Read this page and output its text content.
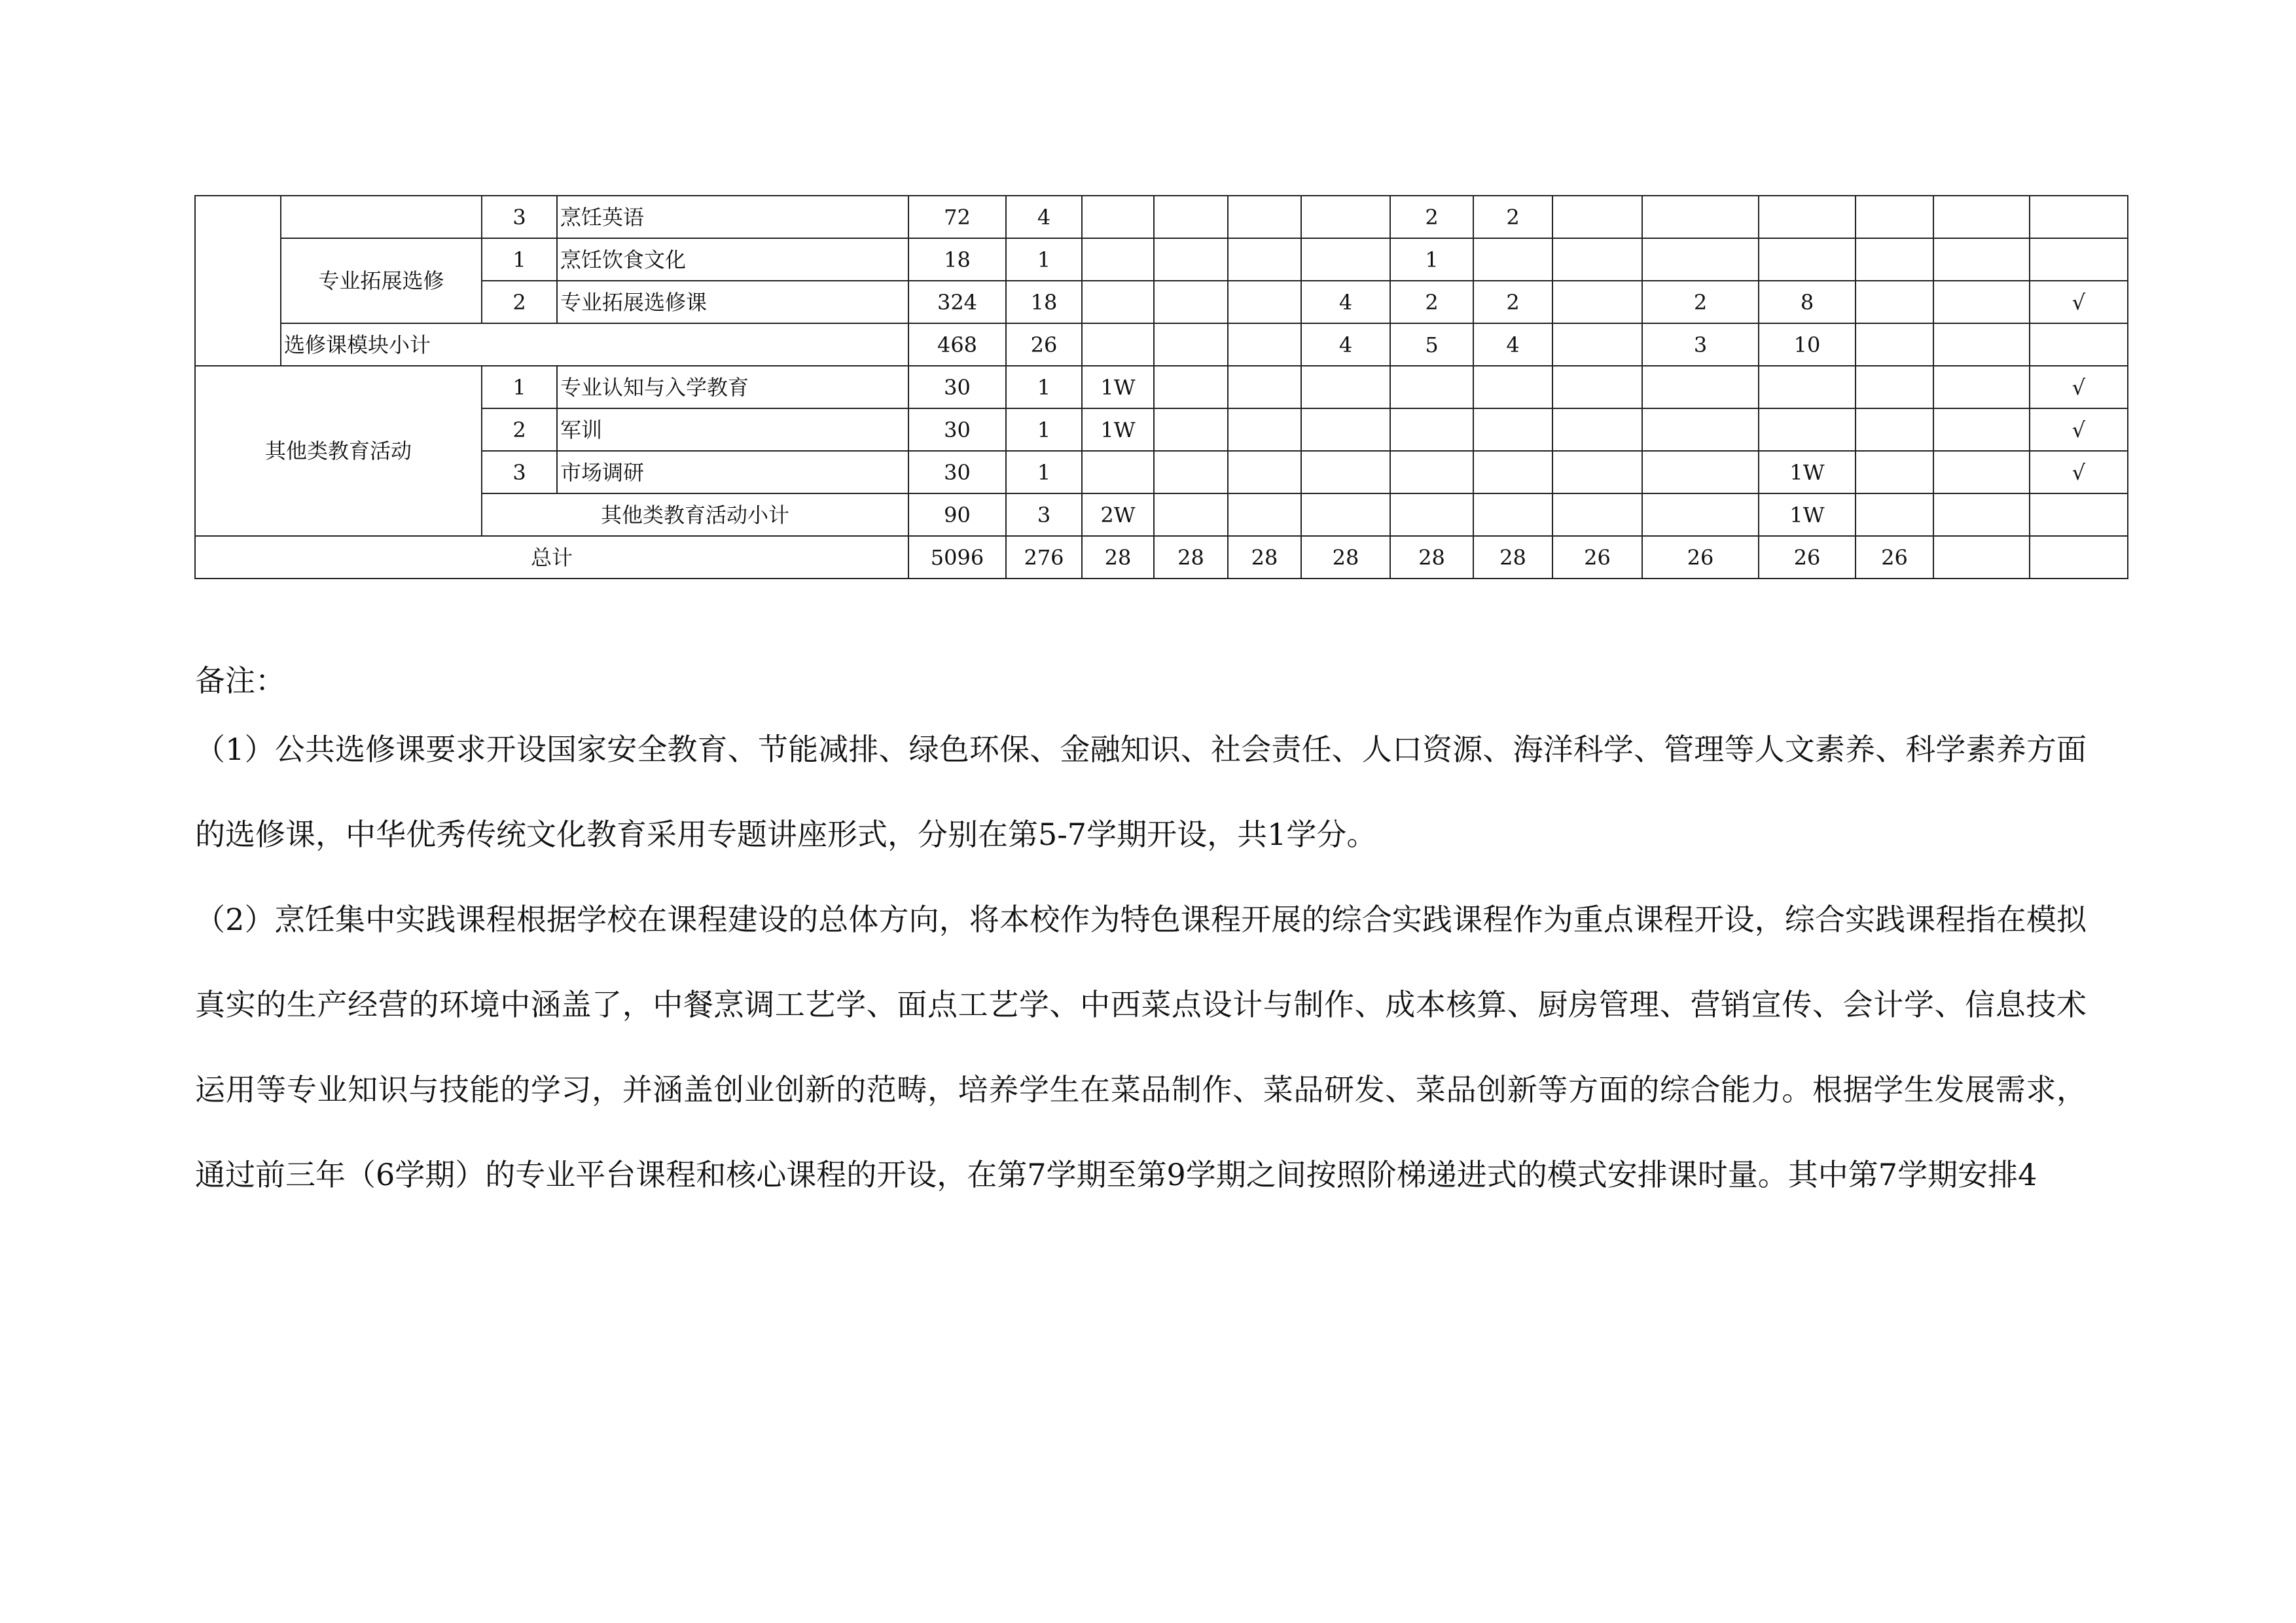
		3	烹饪英语	72	4					2	2						
	专业拓展选修	1	烹饪饮食文化	18	1					1							
		2	专业拓展选修课	324	18				4	2	2		2	8			√
	选修课模块小计			468	26				4	5	4		3	10			
其他类教育活动		1	专业认知与入学教育	30	1	1W											√
		2	军训	30	1	1W											√
		3	市场调研	30	1									1W			√
		其他类教育活动小计		90	3	2W								1W			
总计				5096	276	28	28	28	28	28	28	26	26	26	26		
备注：

（1）公共选修课要求开设国家安全教育、节能减排、绿色环保、金融知识、社会责任、人口资源、海洋科学、管理等人文素养、科学素养方面的选修课，中华优秀传统文化教育采用专题讲座形式，分别在第5-7学期开设，共1学分。

（2）烹饪集中实践课程根据学校在课程建设的总体方向，将本校作为特色课程开展的综合实践课程作为重点课程开设，综合实践课程指在模拟真实的生产经营的环境中涵盖了，中餐烹调工艺学、面点工艺学、中西菜点设计与制作、成本核算、厨房管理、营销宣传、会计学、信息技术运用等专业知识与技能的学习，并涵盖创业创新的范畴，培养学生在菜品制作、菜品研发、菜品创新等方面的综合能力。根据学生发展需求，通过前三年（6学期）的专业平台课程和核心课程的开设，在第7学期至第9学期之间按照阶梯递进式的模式安排课时量。其中第7学期安排4
